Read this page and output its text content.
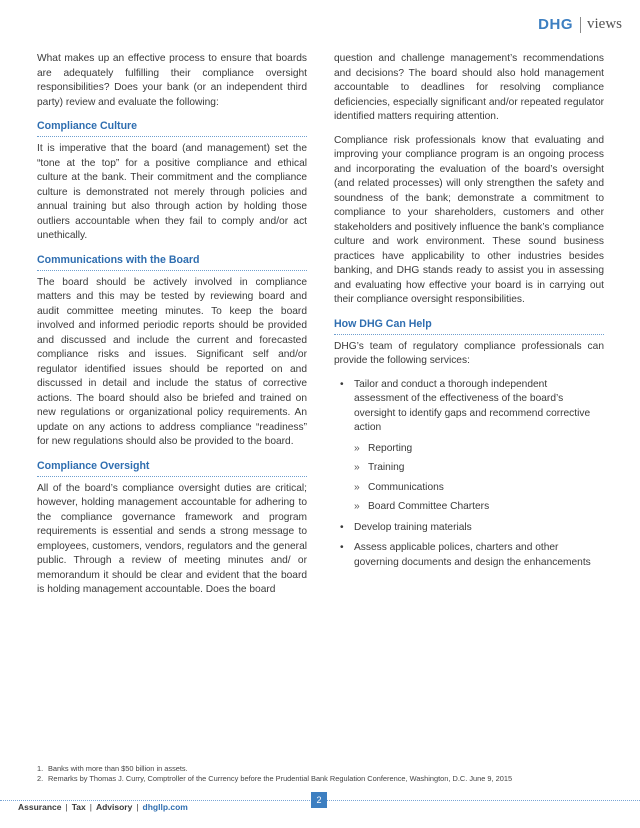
DHG views

What makes up an effective process to ensure that boards are adequately fulfilling their compliance oversight responsibilities? Does your bank (or an independent third party) review and evaluate the following:

Compliance Culture

It is imperative that the board (and management) set the “tone at the top” for a positive compliance and ethical culture at the bank. Their commitment and the compliance culture is demonstrated not merely through policies and annual training but also through action by holding those outliers accountable when they fail to comply and/or act unethically.

Communications with the Board

The board should be actively involved in compliance matters and this may be tested by reviewing board and audit committee meeting minutes. To keep the board involved and informed periodic reports should be provided and discussed and include the current and forecasted compliance risks and issues. Significant self and/or regulator identified issues should be reported on and discussed in detail and include the status of corrective actions. The board should also be briefed and trained on new regulations or organizational policy requirements. An update on any actions to address compliance “readiness” for new regulations should also be provided to the board.

Compliance Oversight

All of the board’s compliance oversight duties are critical; however, holding management accountable for adhering to the compliance governance framework and program requirements is essential and sends a strong message to employees, customers, vendors, regulators and the general public. Through a review of meeting minutes and/ or memorandum it should be clear and evident that the board is holding management accountable. Does the board

question and challenge management’s recommendations and decisions? The board should also hold management accountable to deadlines for resolving compliance deficiencies, especially significant and/or repeated regulator identified matters requiring attention.

Compliance risk professionals know that evaluating and improving your compliance program is an ongoing process and incorporating the evaluation of the board’s oversight (and related processes) will only strengthen the safety and soundness of the bank; demonstrate a commitment to compliance to your shareholders, customers and other stakeholders and positively influence the bank’s compliance culture and work environment. These sound business practices have applicability to other industries besides banking, and DHG stands ready to assist you in assessing and evaluating how effective your board is in carrying out their compliance oversight responsibilities.

How DHG Can Help

DHG’s team of regulatory compliance professionals can provide the following services:

• Tailor and conduct a thorough independent assessment of the effectiveness of the board’s oversight to identify gaps and recommend corrective action
» Reporting
» Training
» Communications
» Board Committee Charters
• Develop training materials
• Assess applicable polices, charters and other governing documents and design the enhancements
1. Banks with more than $50 billion in assets.
2. Remarks by Thomas J. Curry, Comptroller of the Currency before the Prudential Bank Regulation Conference, Washington, D.C. June 9, 2015
Assurance | Tax | Advisory | dhgllp.com
2
